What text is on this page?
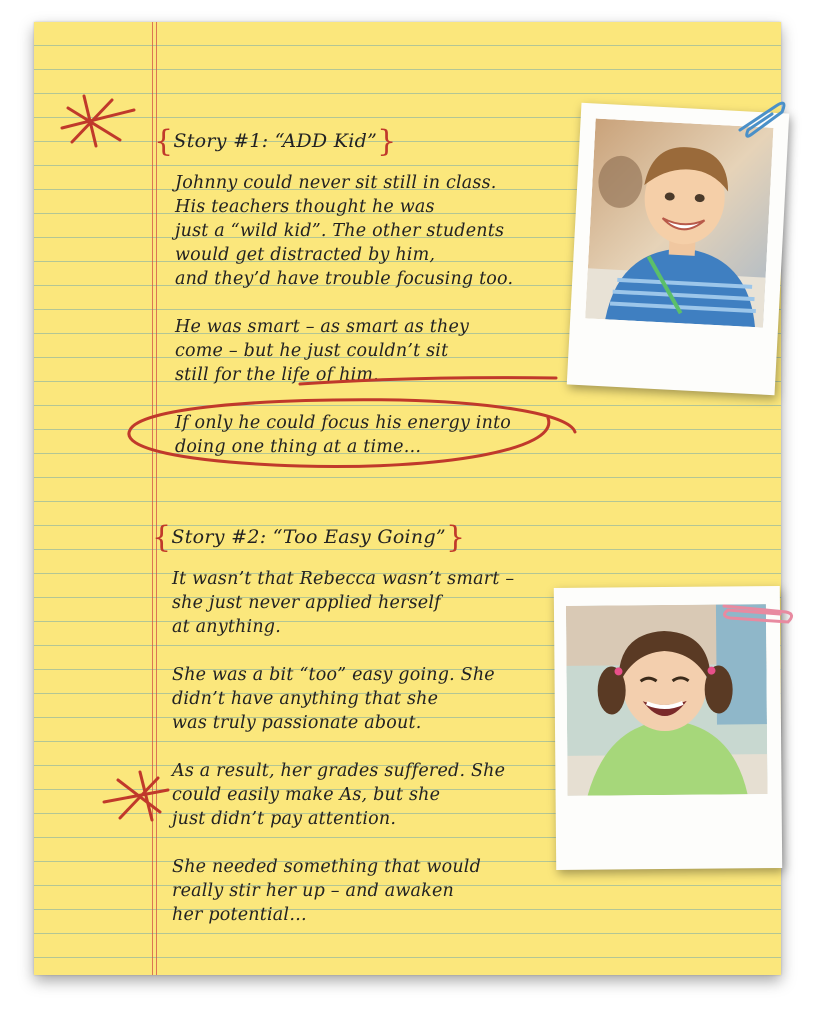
{Story #1: “ADD Kid”}
Johnny could never sit still in class.
His teachers thought he was
just a “wild kid”. The other students
would get distracted by him,
and they’d have trouble focusing too.
He was smart – as smart as they
come – but he just couldn’t sit
still for the life of him.
If only he could focus his energy into
doing one thing at a time…
{Story #2: “Too Easy Going”}
It wasn’t that Rebecca wasn’t smart –
she just never applied herself
at anything.
She was a bit “too” easy going. She
didn’t have anything that she
was truly passionate about.
As a result, her grades suffered. She
could easily make As, but she
just didn’t pay attention.
She needed something that would
really stir her up – and awaken
her potential…
